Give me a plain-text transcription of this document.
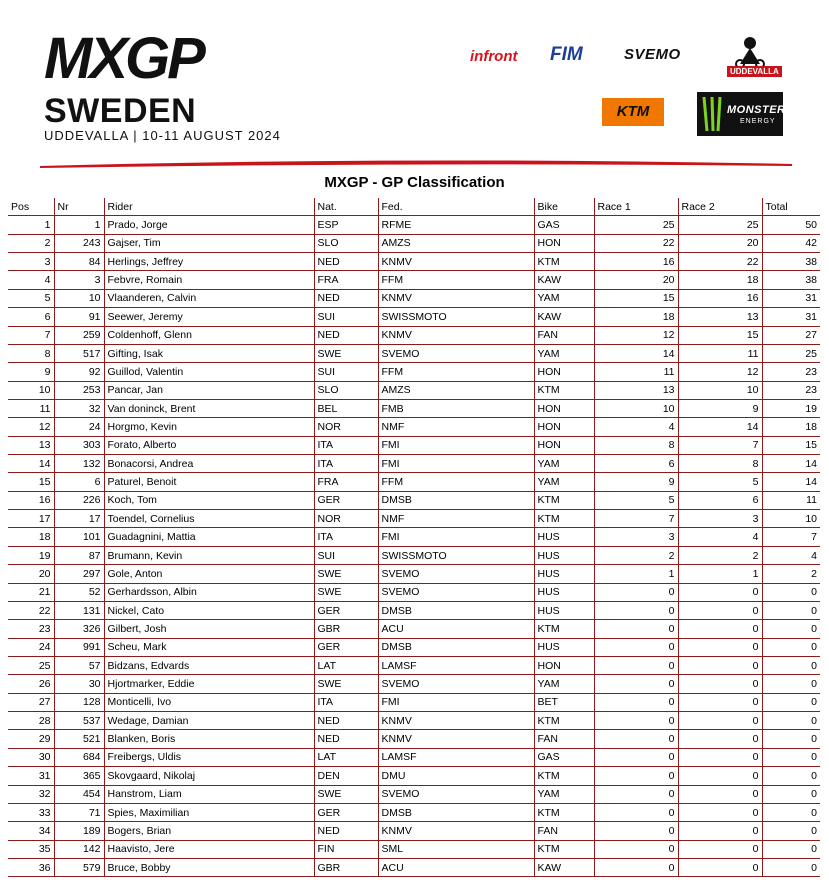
MXGP
SWEDEN
UDDEVALLA | 10-11 AUGUST 2024
infront FIM	SVEMO
UDDEVALLA
KTM	MONSTER
ENERGY
MXGP - GP Classification
Pos	Nr	Rider	Nat.	Fed.	Bike	Race 1	Race 2	Total
1	1	Prado, Jorge	ESP	RFME	GAS	25	25	50
2	243	Gajser, Tim	SLO	AMZS	HON	22	20	42
3	84	Herlings, Jeffrey	NED	KNMV	KTM	16	22	38
4	3	Febvre, Romain	FRA	FFM	KAW	20	18	38
5	10	Vlaanderen, Calvin	NED	KNMV	YAM	15	16	31
6	91	Seewer, Jeremy	SUI	SWISSMOTO	KAW	18	13	31
7	259	Coldenhoff, Glenn	NED	KNMV	FAN	12	15	27
8	517	Gifting, Isak	SWE	SVEMO	YAM	14	11	25
9	92	Guillod, Valentin	SUI	FFM	HON	11	12	23
10	253	Pancar, Jan	SLO	AMZS	KTM	13	10	23
11	32	Van doninck, Brent	BEL	FMB	HON	10	9	19
12	24	Horgmo, Kevin	NOR	NMF	HON	4	14	18
13	303	Forato, Alberto	ITA	FMI	HON	8	7	15
14	132	Bonacorsi, Andrea	ITA	FMI	YAM	6	8	14
15	6	Paturel, Benoit	FRA	FFM	YAM	9	5	14
16	226	Koch, Tom	GER	DMSB	KTM	5	6	11
17	17	Toendel, Cornelius	NOR	NMF	KTM	7	3	10
18	101	Guadagnini, Mattia	ITA	FMI	HUS	3	4	7
19	87	Brumann, Kevin	SUI	SWISSMOTO	HUS	2	2	4
20	297	Gole, Anton	SWE	SVEMO	HUS	1	1	2
21	52	Gerhardsson, Albin	SWE	SVEMO	HUS	0	0	0
22	131	Nickel, Cato	GER	DMSB	HUS	0	0	0
23	326	Gilbert, Josh	GBR	ACU	KTM	0	0	0
24	991	Scheu, Mark	GER	DMSB	HUS	0	0	0
25	57	Bidzans, Edvards	LAT	LAMSF	HON	0	0	0
26	30	Hjortmarker, Eddie	SWE	SVEMO	YAM	0	0	0
27	128	Monticelli, Ivo	ITA	FMI	BET	0	0	0
28	537	Wedage, Damian	NED	KNMV	KTM	0	0	0
29	521	Blanken, Boris	NED	KNMV	FAN	0	0	0
30	684	Freibergs, Uldis	LAT	LAMSF	GAS	0	0	0
31	365	Skovgaard, Nikolaj	DEN	DMU	KTM	0	0	0
32	454	Hanstrom, Liam	SWE	SVEMO	YAM	0	0	0
33	71	Spies, Maximilian	GER	DMSB	KTM	0	0	0
34	189	Bogers, Brian	NED	KNMV	FAN	0	0	0
35	142	Haavisto, Jere	FIN	SML	KTM	0	0	0
36	579	Bruce, Bobby	GBR	ACU	KAW	0	0	0
